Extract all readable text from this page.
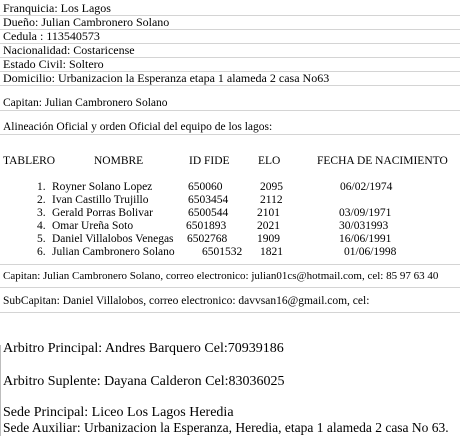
Franquicia: Los Lagos
Dueño: Julian Cambronero Solano
Cedula : 113540573
Nacionalidad: Costaricense
Estado Civil: Soltero
Domicilio: Urbanizacion la Esperanza etapa 1 alameda 2 casa No63
Capitan: Julian Cambronero Solano
Alineación Oficial y orden Oficial del equipo de los lagos:
TABLERO	NOMBRE	ID FIDE ELO	FECHA DE NACIMIENTO
1. Royner Solano Lopez	650060	2095	06/02/1974
2. Ivan Castillo Trujillo	6503454	2112
3. Gerald Porras Bolivar	6500544	2101	03/09/1971
4. Omar Ureña Soto	6501893	2021	30/031993
5. Daniel Villalobos Venegas 6502768	1909	16/06/1991
6. Julian Cambronero Solano 6501532 1821	01/06/1998
Capitan: Julian Cambronero Solano, correo electronico: julian01cs@hotmail.com, cel: 85 97 63 40
SubCapitan: Daniel Villalobos, correo electronico: davvsan16@gmail.com, cel:
Arbitro Principal: Andres Barquero Cel:70939186
Arbitro Suplente: Dayana Calderon Cel:83036025
Sede Principal: Liceo Los Lagos Heredia
Sede Auxiliar: Urbanizacion la Esperanza, Heredia, etapa 1 alameda 2 casa No 63.
